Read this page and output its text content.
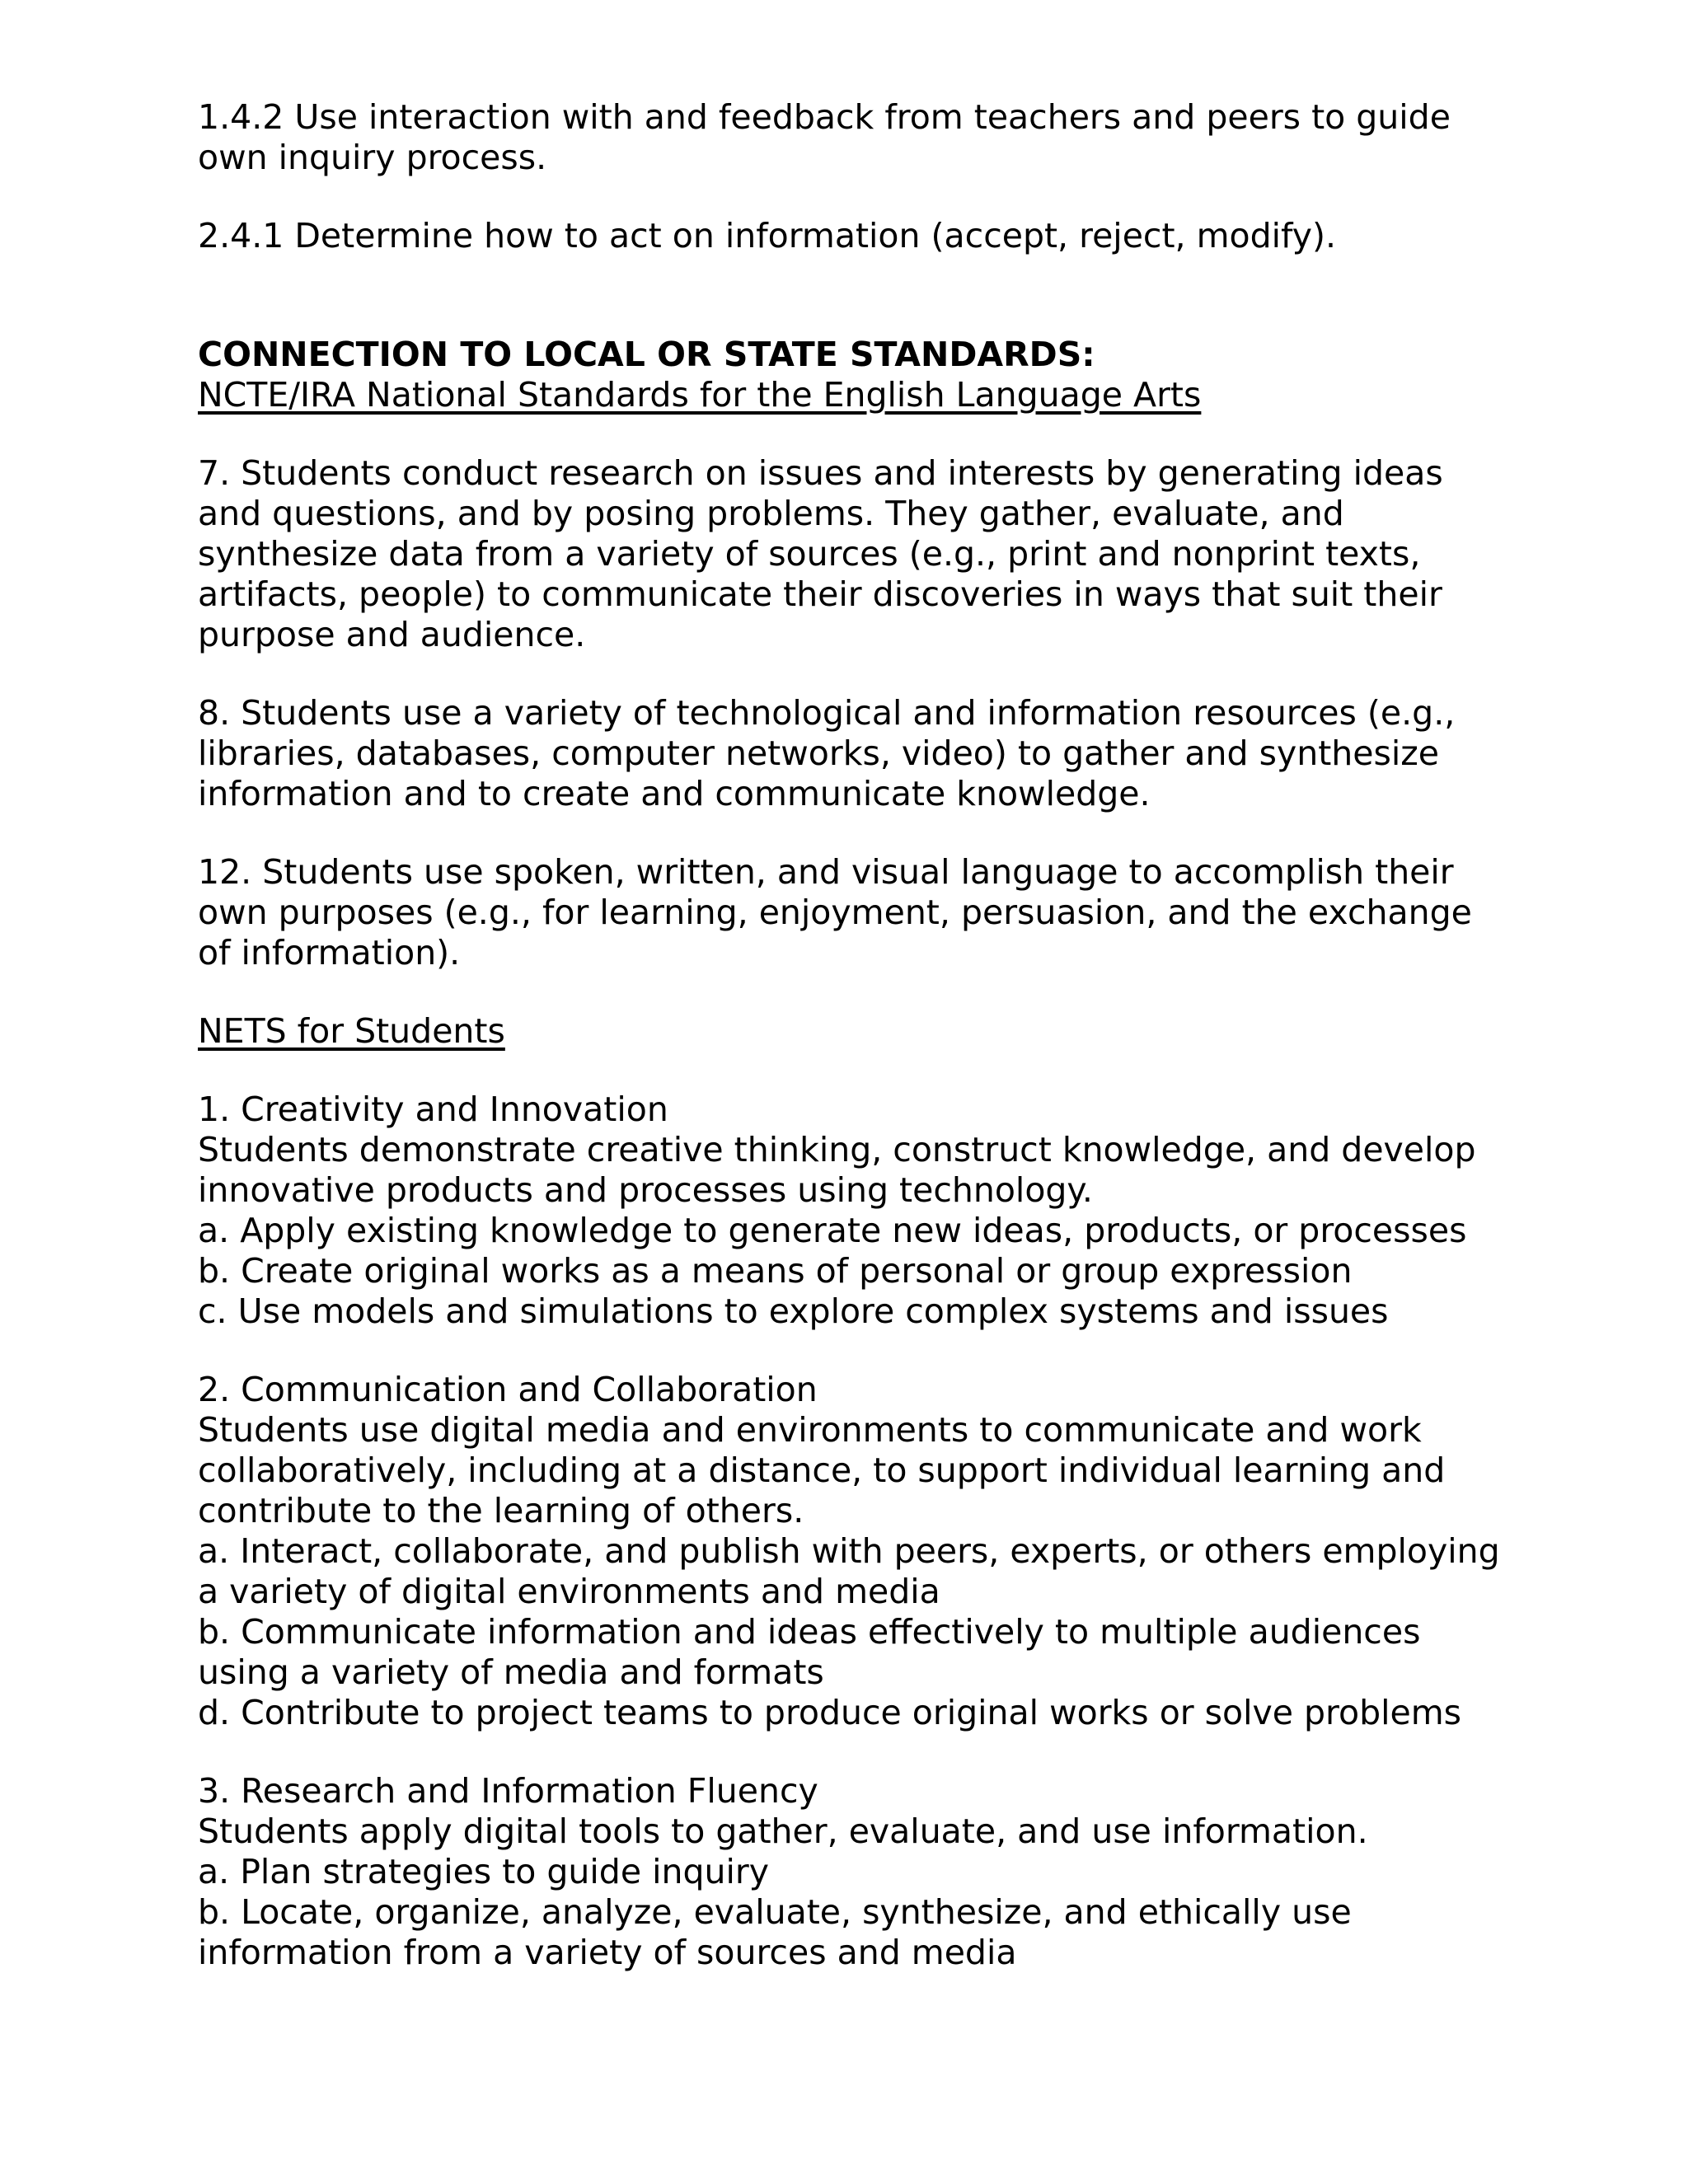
1.4.2 Use interaction with and feedback from teachers and peers to guide
own inquiry process.
2.4.1 Determine how to act on information (accept, reject, modify).
CONNECTION TO LOCAL OR STATE STANDARDS:
NCTE/IRA National Standards for the English Language Arts
7. Students conduct research on issues and interests by generating ideas
and questions, and by posing problems. They gather, evaluate, and
synthesize data from a variety of sources (e.g., print and nonprint texts,
artifacts, people) to communicate their discoveries in ways that suit their
purpose and audience.
8. Students use a variety of technological and information resources (e.g.,
libraries, databases, computer networks, video) to gather and synthesize
information and to create and communicate knowledge.
12. Students use spoken, written, and visual language to accomplish their
own purposes (e.g., for learning, enjoyment, persuasion, and the exchange
of information).
NETS for Students
1. Creativity and Innovation
Students demonstrate creative thinking, construct knowledge, and develop
innovative products and processes using technology.
a. Apply existing knowledge to generate new ideas, products, or processes
b. Create original works as a means of personal or group expression
c. Use models and simulations to explore complex systems and issues
2. Communication and Collaboration
Students use digital media and environments to communicate and work
collaboratively, including at a distance, to support individual learning and
contribute to the learning of others.
a. Interact, collaborate, and publish with peers, experts, or others employing
a variety of digital environments and media
b. Communicate information and ideas effectively to multiple audiences
using a variety of media and formats
d. Contribute to project teams to produce original works or solve problems
3. Research and Information Fluency
Students apply digital tools to gather, evaluate, and use information.
a. Plan strategies to guide inquiry
b. Locate, organize, analyze, evaluate, synthesize, and ethically use
information from a variety of sources and media
